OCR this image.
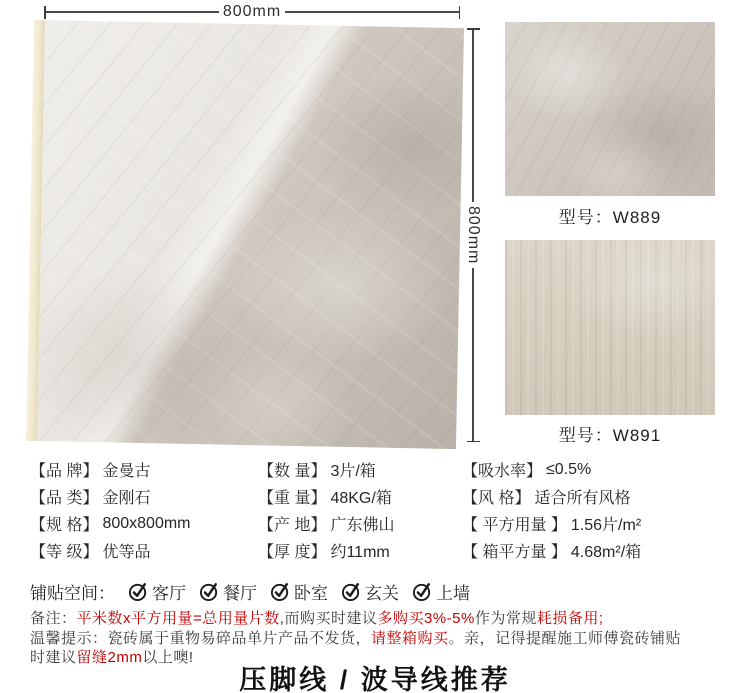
800mm
800mm	型号：W889
型号：W891
【品 牌】 金曼古
【品 类】 金刚石
【规 格】 800x800mm
【等 级】 优等品
【数 量】 3片/箱
【重 量】 48KG/箱
【产 地】 广东佛山
【厚 度】 约11mm
【吸水率】 ≤0.5%
【风 格】 适合所有风格
【 平方用量 】 1.56片/m²
【 箱平方量 】 4.68m²/箱
铺贴空间： 客厅 餐厅 卧室 玄关 上墙
备注：平米数x平方用量=总用量片数,而购买时建议多购买3%-5%作为常规耗损备用;
温馨提示：瓷砖属于重物易碎品单片产品不发货，请整箱购买。亲，记得提醒施工师傅瓷砖铺贴
时建议留缝2mm以上噢!
压脚线 / 波导线推荐
